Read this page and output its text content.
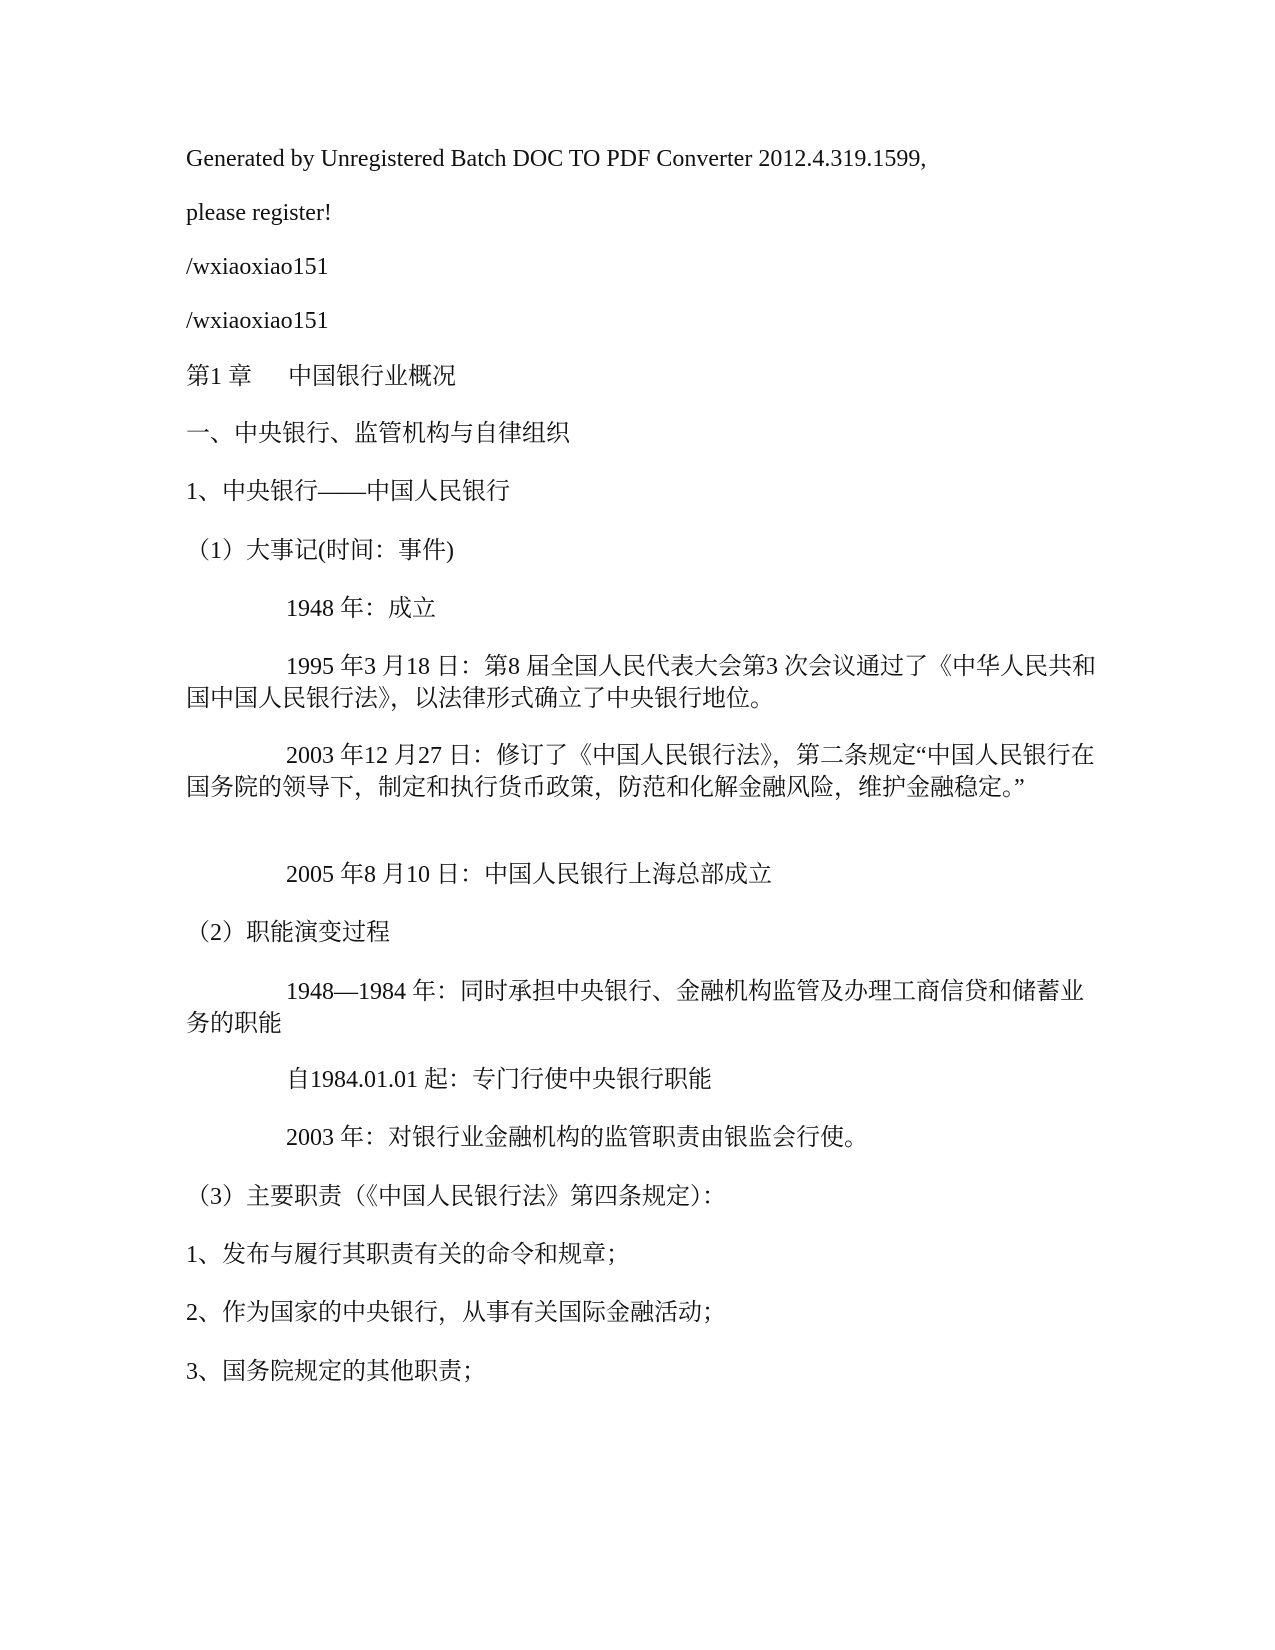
Generated by Unregistered Batch DOC TO PDF Converter 2012.4.319.1599,

please register!

/wxiaoxiao151

/wxiaoxiao151

第1 章 中国银行业概况

一、中央银行、监管机构与自律组织

1、中央银行——中国人民银行

（1）大事记(时间：事件)

1948 年：成立

1995 年3 月18 日：第8 届全国人民代表大会第3 次会议通过了《中华人民共和国中国人民银行法》，以法律形式确立了中央银行地位。

2003 年12 月27 日：修订了《中国人民银行法》，第二条规定“中国人民银行在国务院的领导下，制定和执行货币政策，防范和化解金融风险，维护金融稳定。”

2005 年8 月10 日：中国人民银行上海总部成立

（2）职能演变过程

1948—1984 年：同时承担中央银行、金融机构监管及办理工商信贷和储蓄业务的职能

自1984.01.01 起：专门行使中央银行职能

2003 年：对银行业金融机构的监管职责由银监会行使。

（3）主要职责（《中国人民银行法》第四条规定）：

1、发布与履行其职责有关的命令和规章；

2、作为国家的中央银行，从事有关国际金融活动；

3、国务院规定的其他职责；
